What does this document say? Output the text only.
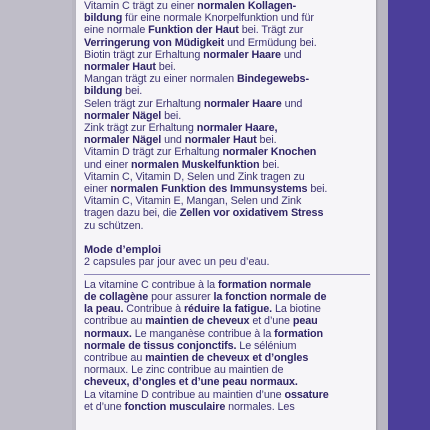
Vitamin C trägt zu einer normalen Kollagen-
bildung für eine normale Knorpelfunktion und für
eine normale Funktion der Haut bei. Trägt zur
Verringerung von Müdigkeit und Ermüdung bei.
Biotin trägt zur Erhaltung normaler Haare und
normaler Haut bei.
Mangan trägt zu einer normalen Bindegewebs-
bildung bei.
Selen trägt zur Erhaltung normaler Haare und
normaler Nägel bei.
Zink trägt zur Erhaltung normaler Haare,
normaler Nägel und normaler Haut bei.
Vitamin D trägt zur Erhaltung normaler Knochen
und einer normalen Muskelfunktion bei.
Vitamin C, Vitamin D, Selen und Zink tragen zu
einer normalen Funktion des Immunsystems bei.
Vitamin C, Vitamin E, Mangan, Selen und Zink
tragen dazu bei, die Zellen vor oxidativem Stress
zu schützen.
Mode d’emploi
2 capsules par jour avec un peu d’eau.
La vitamine C contribue à la formation normale
de collagène pour assurer la fonction normale de
la peau. Contribue à réduire la fatigue. La biotine
contribue au maintien de cheveux et d’une peau
normaux. Le manganèse contribue à la formation
normale de tissus conjonctifs. Le sélénium
contribue au maintien de cheveux et d’ongles
normaux. Le zinc contribue au maintien de
cheveux, d’ongles et d’une peau normaux.
La vitamine D contribue au maintien d’une ossature
et d’une fonction musculaire normales. Les
